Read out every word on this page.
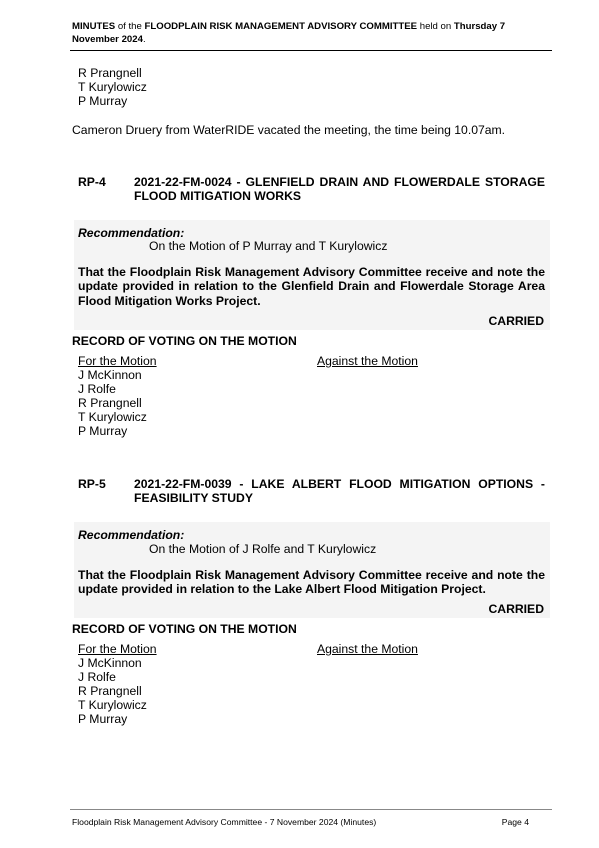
MINUTES of the FLOODPLAIN RISK MANAGEMENT ADVISORY COMMITTEE held on Thursday 7 November 2024.
R Prangnell
T Kurylowicz
P Murray
Cameron Druery from WaterRIDE vacated the meeting, the time being 10.07am.
RP-4 2021-22-FM-0024 - GLENFIELD DRAIN AND FLOWERDALE STORAGE FLOOD MITIGATION WORKS
Recommendation:
On the Motion of P Murray and T Kurylowicz
That the Floodplain Risk Management Advisory Committee receive and note the update provided in relation to the Glenfield Drain and Flowerdale Storage Area Flood Mitigation Works Project.
CARRIED
RECORD OF VOTING ON THE MOTION
For the Motion	Against the Motion
J McKinnon
J Rolfe
R Prangnell
T Kurylowicz
P Murray
RP-5 2021-22-FM-0039 - LAKE ALBERT FLOOD MITIGATION OPTIONS - FEASIBILITY STUDY
Recommendation:
On the Motion of J Rolfe and T Kurylowicz
That the Floodplain Risk Management Advisory Committee receive and note the update provided in relation to the Lake Albert Flood Mitigation Project.
CARRIED
RECORD OF VOTING ON THE MOTION
For the Motion	Against the Motion
J McKinnon
J Rolfe
R Prangnell
T Kurylowicz
P Murray
Floodplain Risk Management Advisory Committee - 7 November 2024 (Minutes)	Page 4
